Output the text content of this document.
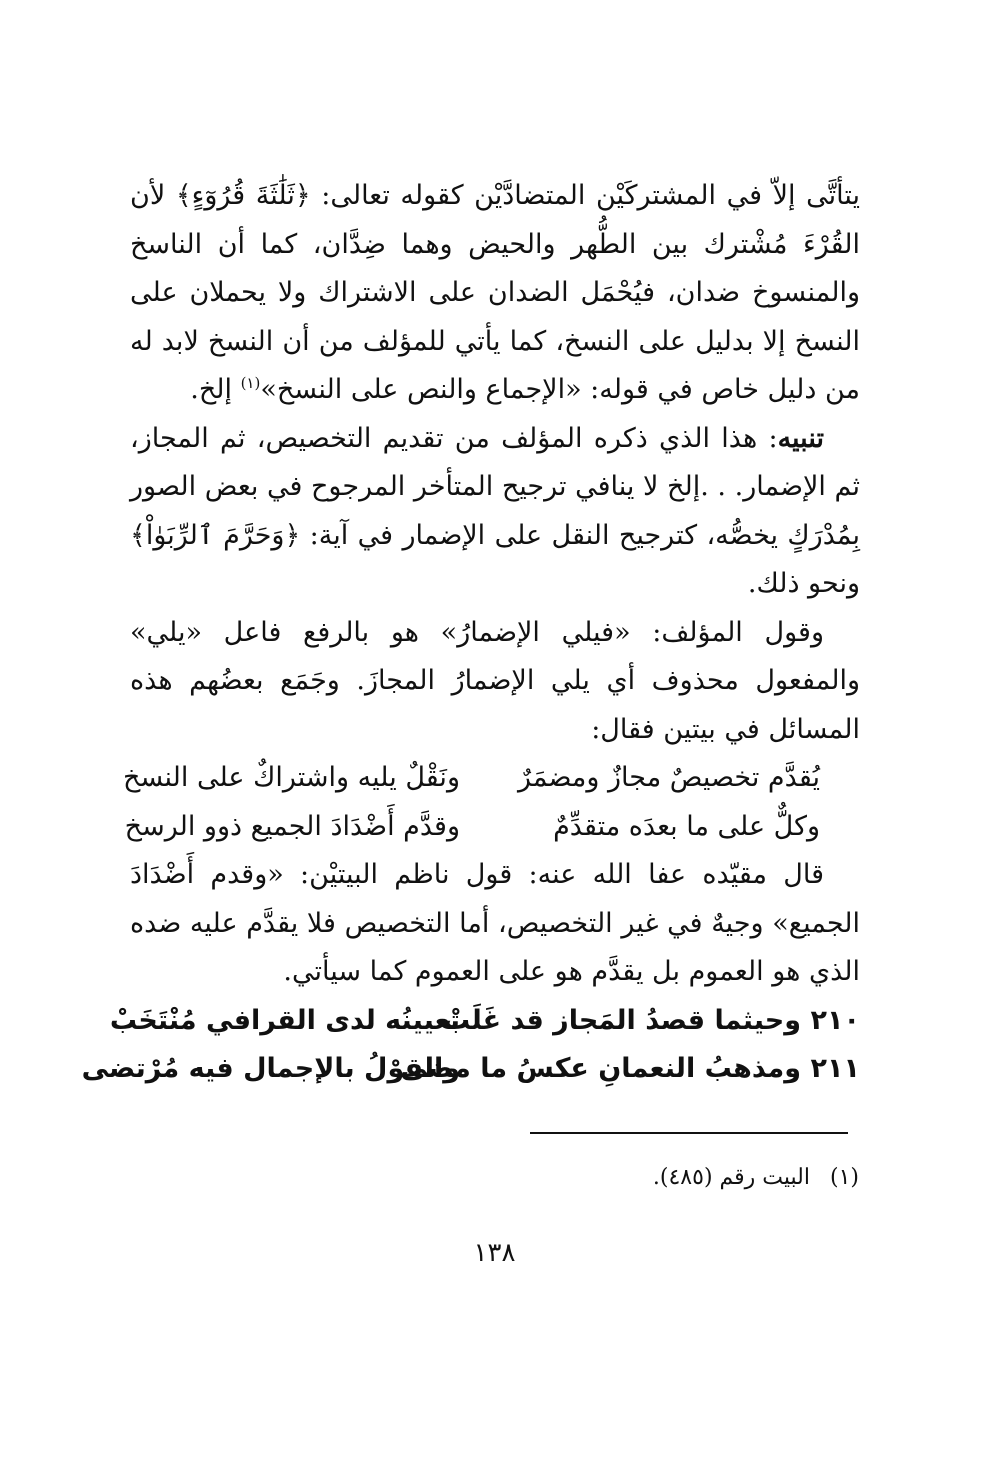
يتأتَّى إلاّ في المشتركَيْن المتضادَّيْن كقوله تعالى: ﴿ثَلَٰثَةَ قُرُوٓءٍ﴾ لأن القُرْءَ مُشْترك بين الطُّهر والحيض وهما ضِدَّان، كما أن الناسخ والمنسوخ ضدان، فيُحْمَل الضدان على الاشتراك ولا يحملان على النسخ إلا بدليل على النسخ، كما يأتي للمؤلف من أن النسخ لابد له من دليل خاص في قوله: «الإجماع والنص على النسخ»$^{(١)}$ إلخ.

تنبيه: هذا الذي ذكره المؤلف من تقديم التخصيص، ثم المجاز، ثم الإضمار. . .إلخ لا ينافي ترجيح المتأخر المرجوح في بعض الصور بِمُدْرَكٍ يخصُّه، كترجيح النقل على الإضمار في آية: ﴿وَحَرَّمَ ٱلرِّبَوٰاْ﴾ ونحو ذلك.

وقول المؤلف: «فيلي الإضمارُ» هو بالرفع فاعل «يلي» والمفعول محذوف أي يلي الإضمارُ المجازَ. وجَمَع بعضُهم هذه المسائل في بيتين فقال:

يُقدَّم تخصيصٌ مجازٌ ومضمَرٌ
ونَقْلٌ يليه واشتراكٌ على النسخ
وكلٌّ على ما بعدَه متقدِّمٌ
وقدَّم أَضْدَادَ الجميع ذوو الرسخ

قال مقيّده عفا الله عنه: قول ناظم البيتيْن: «وقدم أَضْدَادَ الجميع» وجيهٌ في غير التخصيص، أما التخصيص فلا يقدَّم عليه ضده الذي هو العموم بل يقدَّم هو على العموم كما سيأتي.

٢١٠
وحيثما قصدُ المَجاز قد غَلَبْ
تعيينُه لدى القرافي مُنْتَخَبْ
٢١١
ومذهبُ النعمانِ عكسُ ما مضى
والقوْلُ بالإجمال فيه مُرْتضى
(١)البيت رقم (٤٨٥).
١٣٨
